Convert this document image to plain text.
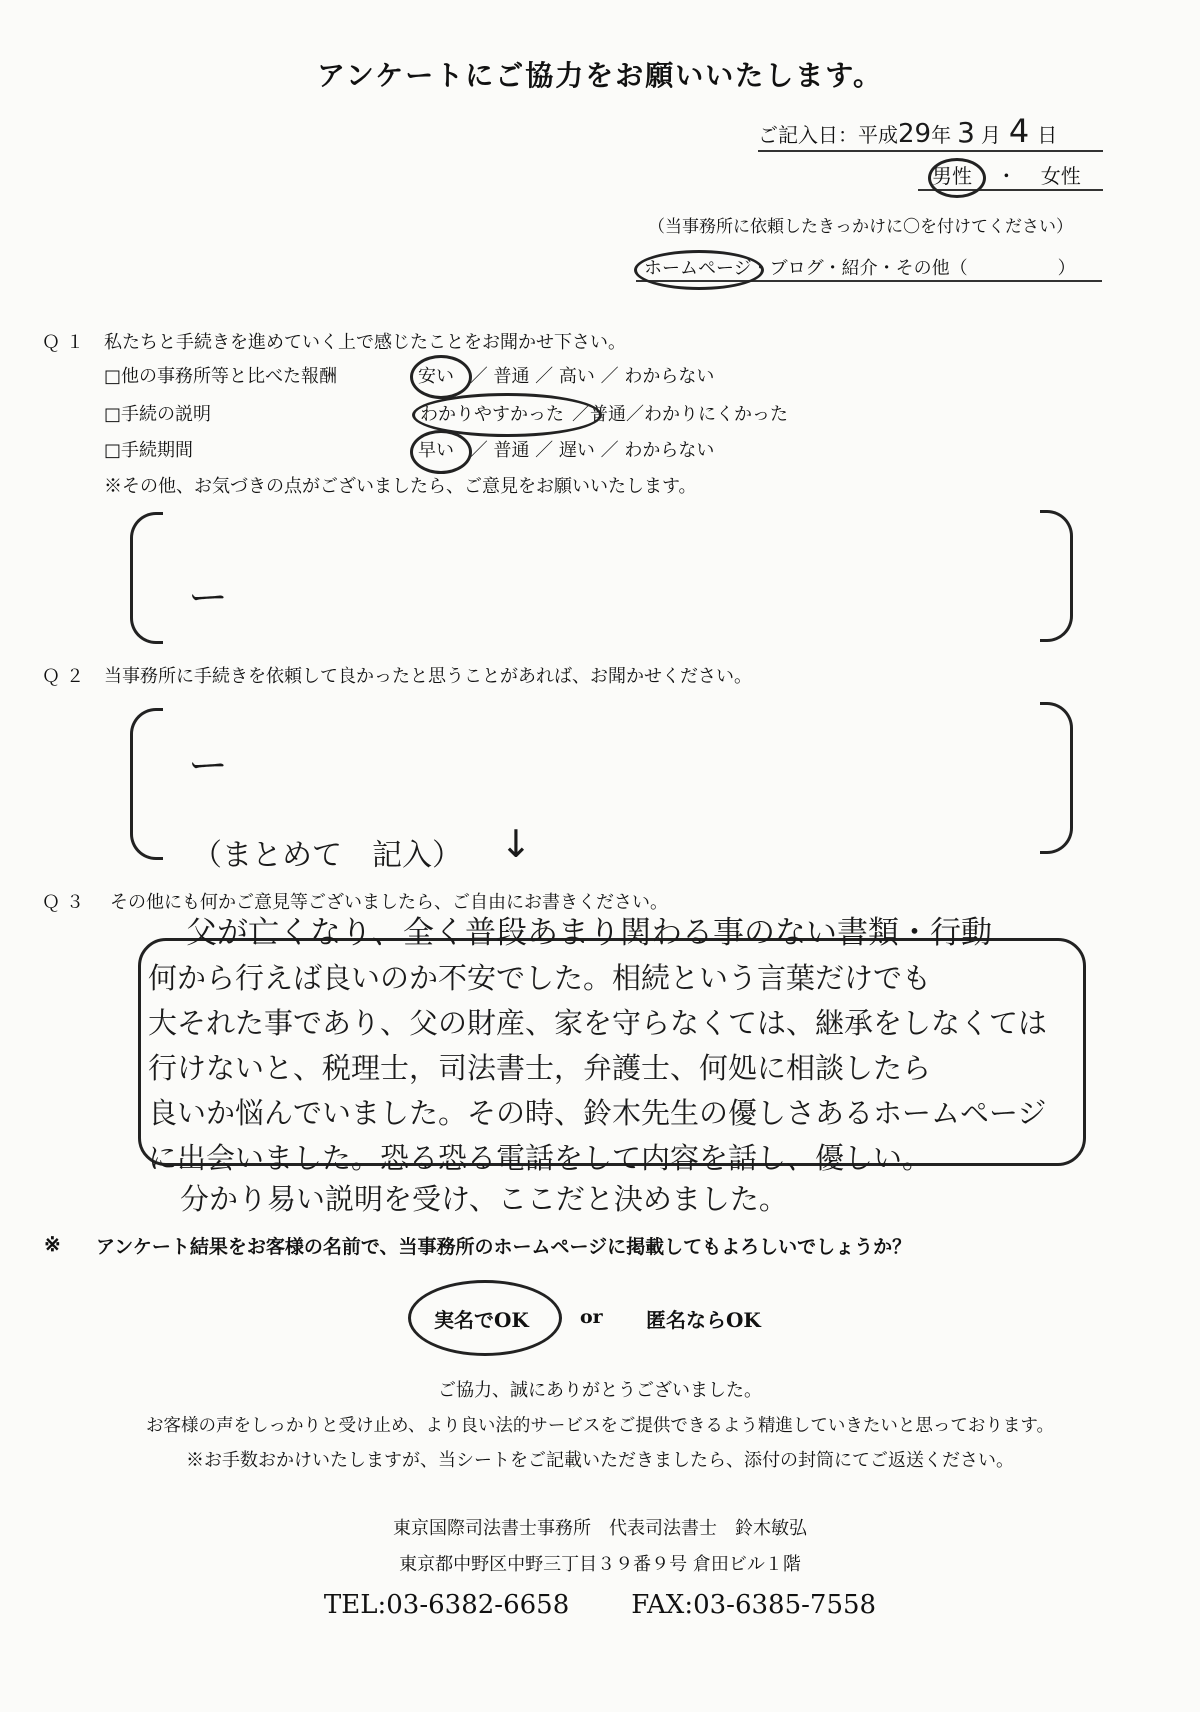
アンケートにご協力をお願いいたします。
ご記入日：平成29年 3 月 4 日
男性 ・ 女性
（当事務所に依頼したきっかけに〇を付けてください）
ホームページ・ブログ・紹介・その他（　　　　　）
Ｑ１ 私たちと手続きを進めていく上で感じたことをお聞かせ下さい。
□他の事務所等と比べた報酬	安い ／ 普通 ／ 高い ／ わからない
□手続の説明	わかりやすかった ／普通／わかりにくかった
□手続期間	早い ／ 普通 ／ 遅い ／ わからない
※その他、お気づきの点がございましたら、ご意見をお願いいたします。
ー
Ｑ２ 当事務所に手続きを依頼して良かったと思うことがあれば、お聞かせください。
ー
（まとめて　記入） ↓
Ｑ３ その他にも何かご意見等ございましたら、ご自由にお書きください。
父が亡くなり、全く普段あまり関わる事のない書類・行動
何から行えば良いのか不安でした。相続という言葉だけでも
大それた事であり、父の財産、家を守らなくては、継承をしなくては
行けないと、税理士，司法書士，弁護士、何処に相談したら
良いか悩んでいました。その時、鈴木先生の優しさあるホームページ
に出会いました。恐る恐る電話をして内容を話し、優しい。
分かり易い説明を受け、ここだと決めました。
※ アンケート結果をお客様の名前で、当事務所のホームページに掲載してもよろしいでしょうか？
実名でOK	or 匿名ならOK
ご協力、誠にありがとうございました。
お客様の声をしっかりと受け止め、より良い法的サービスをご提供できるよう精進していきたいと思っております。
※お手数おかけいたしますが、当シートをご記載いただきましたら、添付の封筒にてご返送ください。
東京国際司法書士事務所　代表司法書士　鈴木敏弘
東京都中野区中野三丁目３９番９号 倉田ビル１階
TEL:03-6382-6658 FAX:03-6385-7558
